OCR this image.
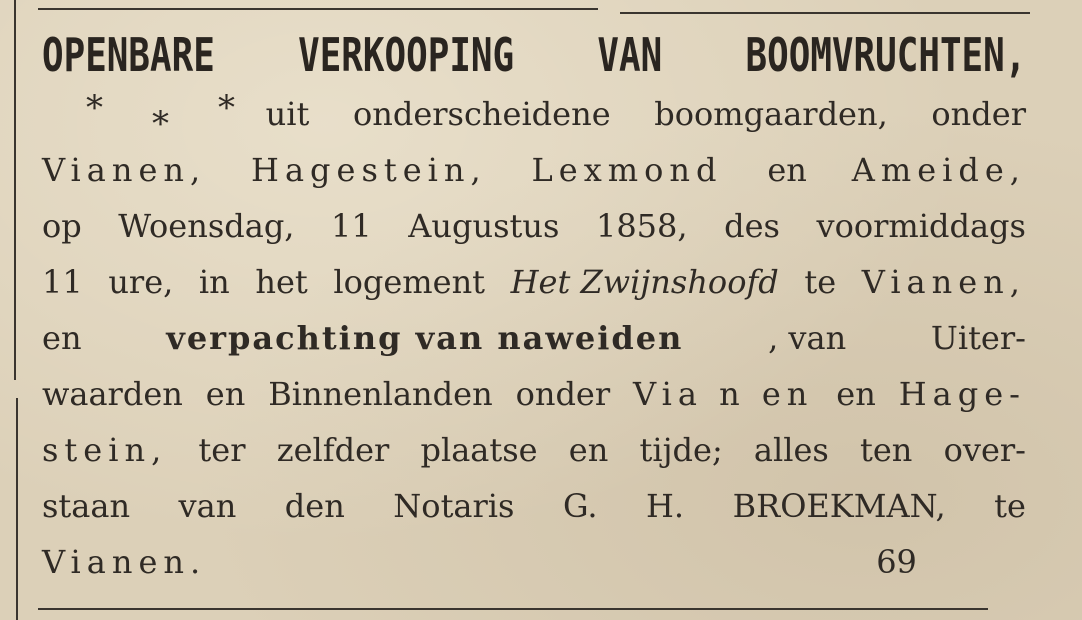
OPENBARE VERKOOPING VAN BOOMVRUCHTEN,
* * * uit onderscheidene boomgaarden, onder
Vianen, Hagestein, Lexmond en Ameide,
op Woensdag, 11 Augustus 1858, des voormiddags
11 ure, in het logement Het Zwijnshoofd te Vianen,
en	verpachting van naweiden	, van	Uiter-
waarden en Binnenlanden onder Via n en en Hage-
stein, ter zelfder plaatse en tijde; alles ten over-
staan van den Notaris G. H. BROEKMAN, te
Vianen.	69
